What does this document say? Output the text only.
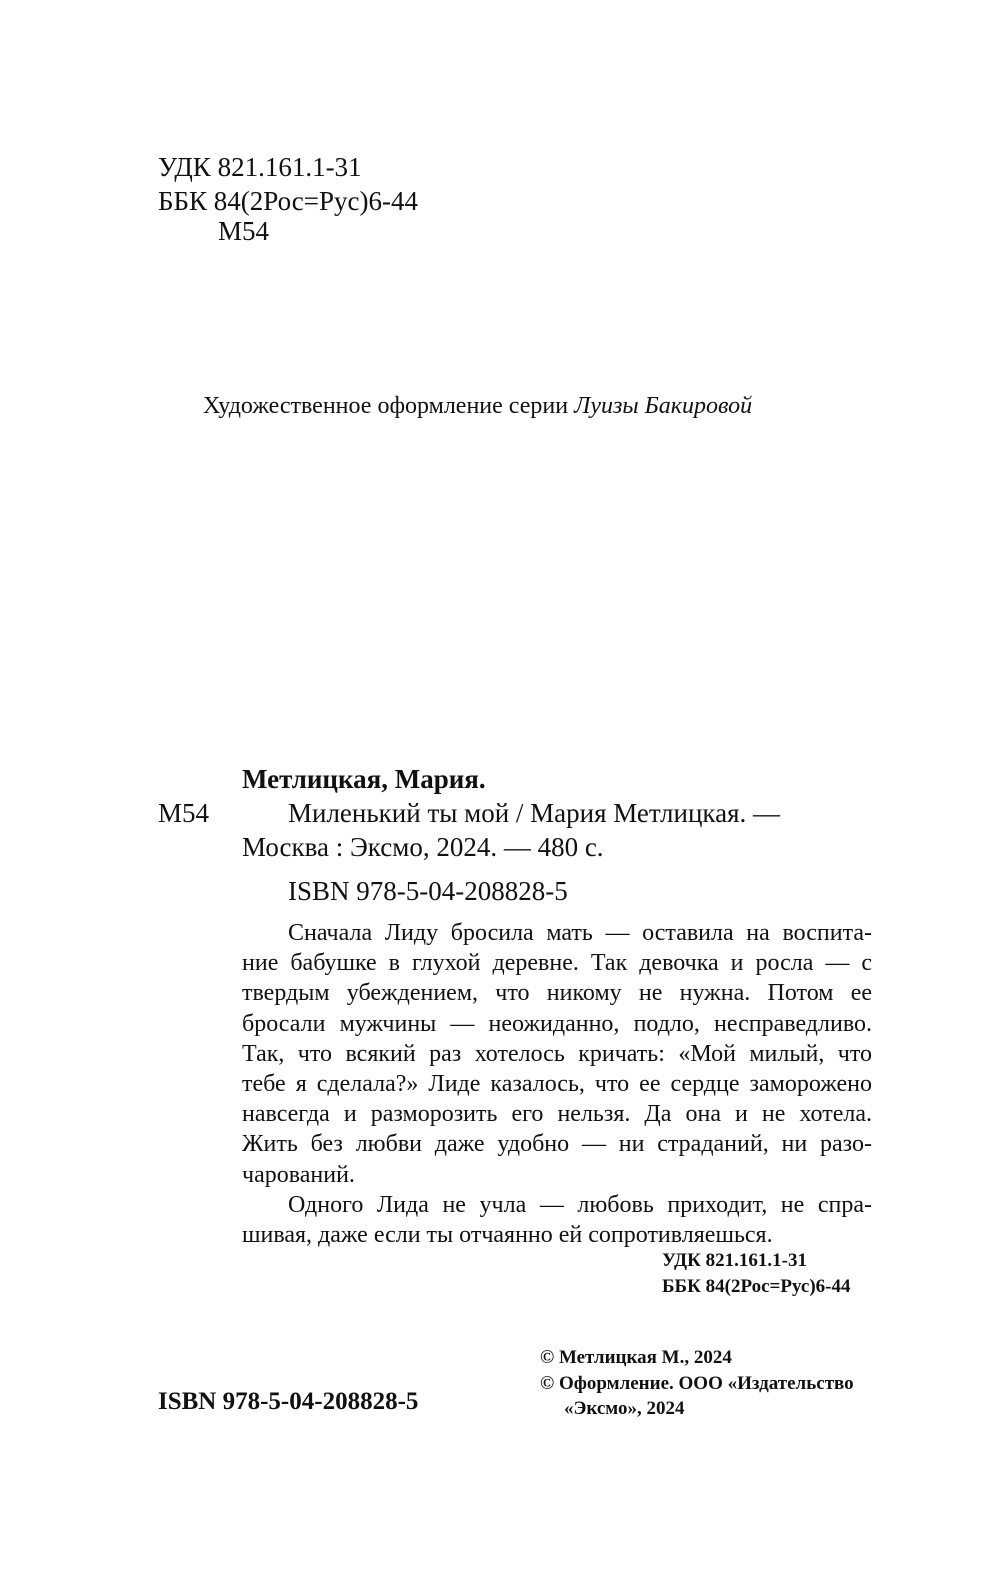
УДК 821.161.1-31
ББК 84(2Рос=Рус)6-44
М54
Художественное оформление серии Луизы Бакировой
Метлицкая, Мария.
М54	Миленький ты мой / Мария Метлицкая. —
Москва : Эксмо, 2024. — 480 с.
ISBN 978-5-04-208828-5

Сначала Лиду бросила мать — оставила на воспита-

ние бабушке в глухой деревне. Так девочка и росла — с

твердым убеждением, что никому не нужна. Потом ее

бросали мужчины — неожиданно, подло, несправедливо.

Так, что всякий раз хотелось кричать: «Мой милый, что

тебе я сделала?» Лиде казалось, что ее сердце заморожено

навсегда и разморозить его нельзя. Да она и не хотела.

Жить без любви даже удобно — ни страданий, ни разо-

чарований.

Одного Лида не учла — любовь приходит, не спра-

шивая, даже если ты отчаянно ей сопротивляешься.

УДК 821.161.1-31
ББК 84(2Рос=Рус)6-44
ISBN 978-5-04-208828-5
© Метлицкая М., 2024
© Оформление. ООО «Издательство
«Эксмо», 2024
